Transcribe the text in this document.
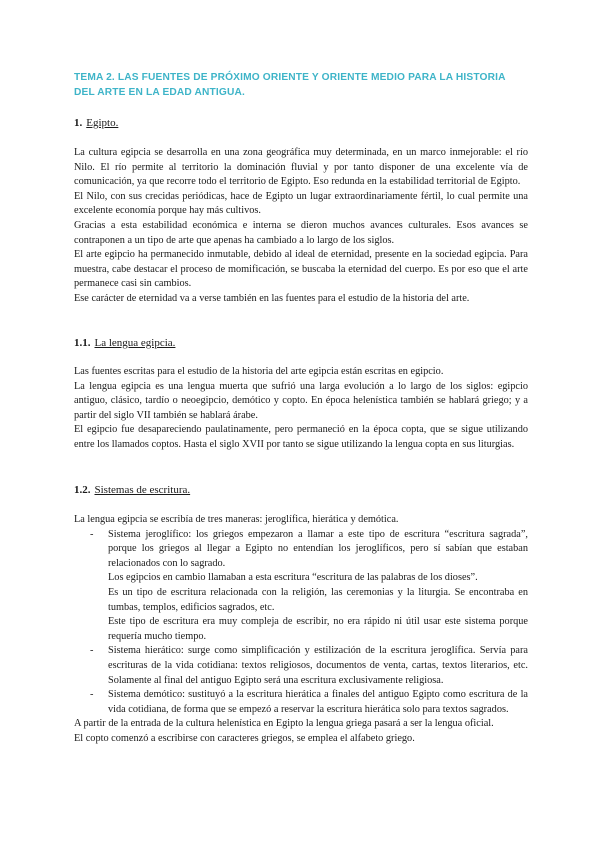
TEMA 2. LAS FUENTES DE PRÓXIMO ORIENTE Y ORIENTE MEDIO PARA LA HISTORIA DEL ARTE EN LA EDAD ANTIGUA.
1. Egipto.

La cultura egipcia se desarrolla en una zona geográfica muy determinada, en un marco inmejorable: el río Nilo. El río permite al territorio la dominación fluvial y por tanto disponer de una excelente vía de comunicación, ya que recorre todo el territorio de Egipto. Eso redunda en la estabilidad territorial de Egipto.

El Nilo, con sus crecidas periódicas, hace de Egipto un lugar extraordinariamente fértil, lo cual permite una excelente economía porque hay más cultivos.

Gracias a esta estabilidad económica e interna se dieron muchos avances culturales. Esos avances se contraponen a un tipo de arte que apenas ha cambiado a lo largo de los siglos.

El arte egipcio ha permanecido inmutable, debido al ideal de eternidad, presente en la sociedad egipcia. Para muestra, cabe destacar el proceso de momificación, se buscaba la eternidad del cuerpo. Es por eso que el arte permanece casi sin cambios.

Ese carácter de eternidad va a verse también en las fuentes para el estudio de la historia del arte.

1.1. La lengua egipcia.

Las fuentes escritas para el estudio de la historia del arte egipcia están escritas en egipcio.

La lengua egipcia es una lengua muerta que sufrió una larga evolución a lo largo de los siglos: egipcio antiguo, clásico, tardío o neoegipcio, demótico y copto. En época helenística también se hablará griego; y a partir del siglo VII también se hablará árabe.

El egipcio fue desapareciendo paulatinamente, pero permaneció en la época copta, que se sigue utilizando entre los llamados coptos. Hasta el siglo XVII por tanto se sigue utilizando la lengua copta en sus liturgias.

1.2. Sistemas de escritura.

La lengua egipcia se escribía de tres maneras: jeroglífica, hierática y demótica.

- Sistema jeroglífico: los griegos empezaron a llamar a este tipo de escritura “escritura sagrada”, porque los griegos al llegar a Egipto no entendían los jeroglíficos, pero sí sabían que estaban relacionados con lo sagrado.

Los egipcios en cambio llamaban a esta escritura “escritura de las palabras de los dioses”.

Es un tipo de escritura relacionada con la religión, las ceremonias y la liturgia. Se encontraba en tumbas, templos, edificios sagrados, etc.

Este tipo de escritura era muy compleja de escribir, no era rápido ni útil usar este sistema porque requería mucho tiempo.

- Sistema hierático: surge como simplificación y estilización de la escritura jeroglífica. Servía para escrituras de la vida cotidiana: textos religiosos, documentos de venta, cartas, textos literarios, etc. Solamente al final del antiguo Egipto será una escritura exclusivamente religiosa.

- Sistema demótico: sustituyó a la escritura hierática a finales del antiguo Egipto como escritura de la vida cotidiana, de forma que se empezó a reservar la escritura hierática solo para textos sagrados.

A partir de la entrada de la cultura helenística en Egipto la lengua griega pasará a ser la lengua oficial.

El copto comenzó a escribirse con caracteres griegos, se emplea el alfabeto griego.
